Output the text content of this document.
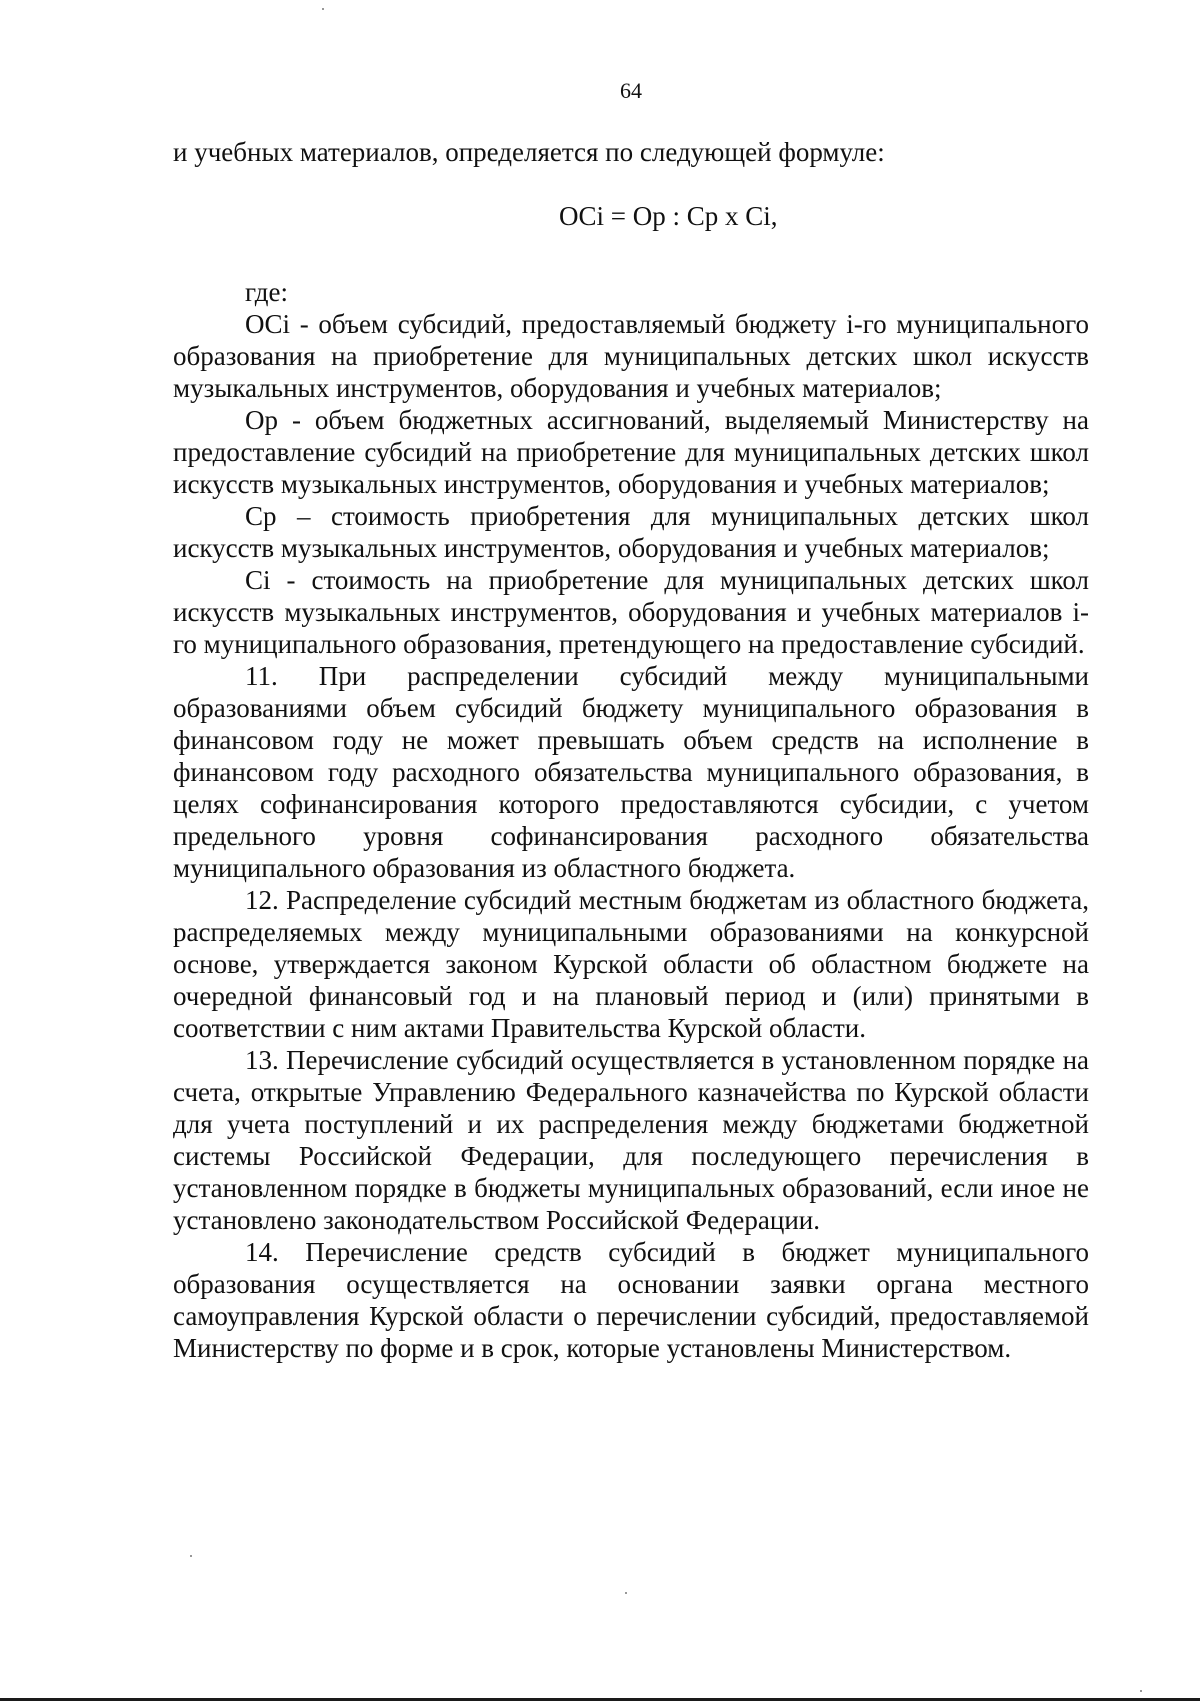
64

и учебных материалов, определяется по следующей формуле:

OCi = Op : Cp x Ci,

где:

OCi - объем субсидий, предоставляемый бюджету i-го муниципального образования на приобретение для муниципальных детских школ искусств музыкальных инструментов, оборудования и учебных материалов;

Op - объем бюджетных ассигнований, выделяемый Министерству на предоставление субсидий на приобретение для муниципальных детских школ искусств музыкальных инструментов, оборудования и учебных материалов;

Cp – стоимость приобретения для муниципальных детских школ искусств музыкальных инструментов, оборудования и учебных материалов;

Ci - стоимость на приобретение для муниципальных детских школ искусств музыкальных инструментов, оборудования и учебных материалов i-го муниципального образования, претендующего на предоставление субсидий.

11. При распределении субсидий между муниципальными образованиями объем субсидий бюджету муниципального образования в финансовом году не может превышать объем средств на исполнение в финансовом году расходного обязательства муниципального образования, в целях софинансирования которого предоставляются субсидии, с учетом предельного уровня софинансирования расходного обязательства муниципального образования из областного бюджета.

12. Распределение субсидий местным бюджетам из областного бюджета, распределяемых между муниципальными образованиями на конкурсной основе, утверждается законом Курской области об областном бюджете на очередной финансовый год и на плановый период и (или) принятыми в соответствии с ним актами Правительства Курской области.

13. Перечисление субсидий осуществляется в установленном порядке на счета, открытые Управлению Федерального казначейства по Курской области для учета поступлений и их распределения между бюджетами бюджетной системы Российской Федерации, для последующего перечисления в установленном порядке в бюджеты муниципальных образований, если иное не установлено законодательством Российской Федерации.

14. Перечисление средств субсидий в бюджет муниципального образования осуществляется на основании заявки органа местного самоуправления Курской области о перечислении субсидий, предоставляемой Министерству по форме и в срок, которые установлены Министерством.
